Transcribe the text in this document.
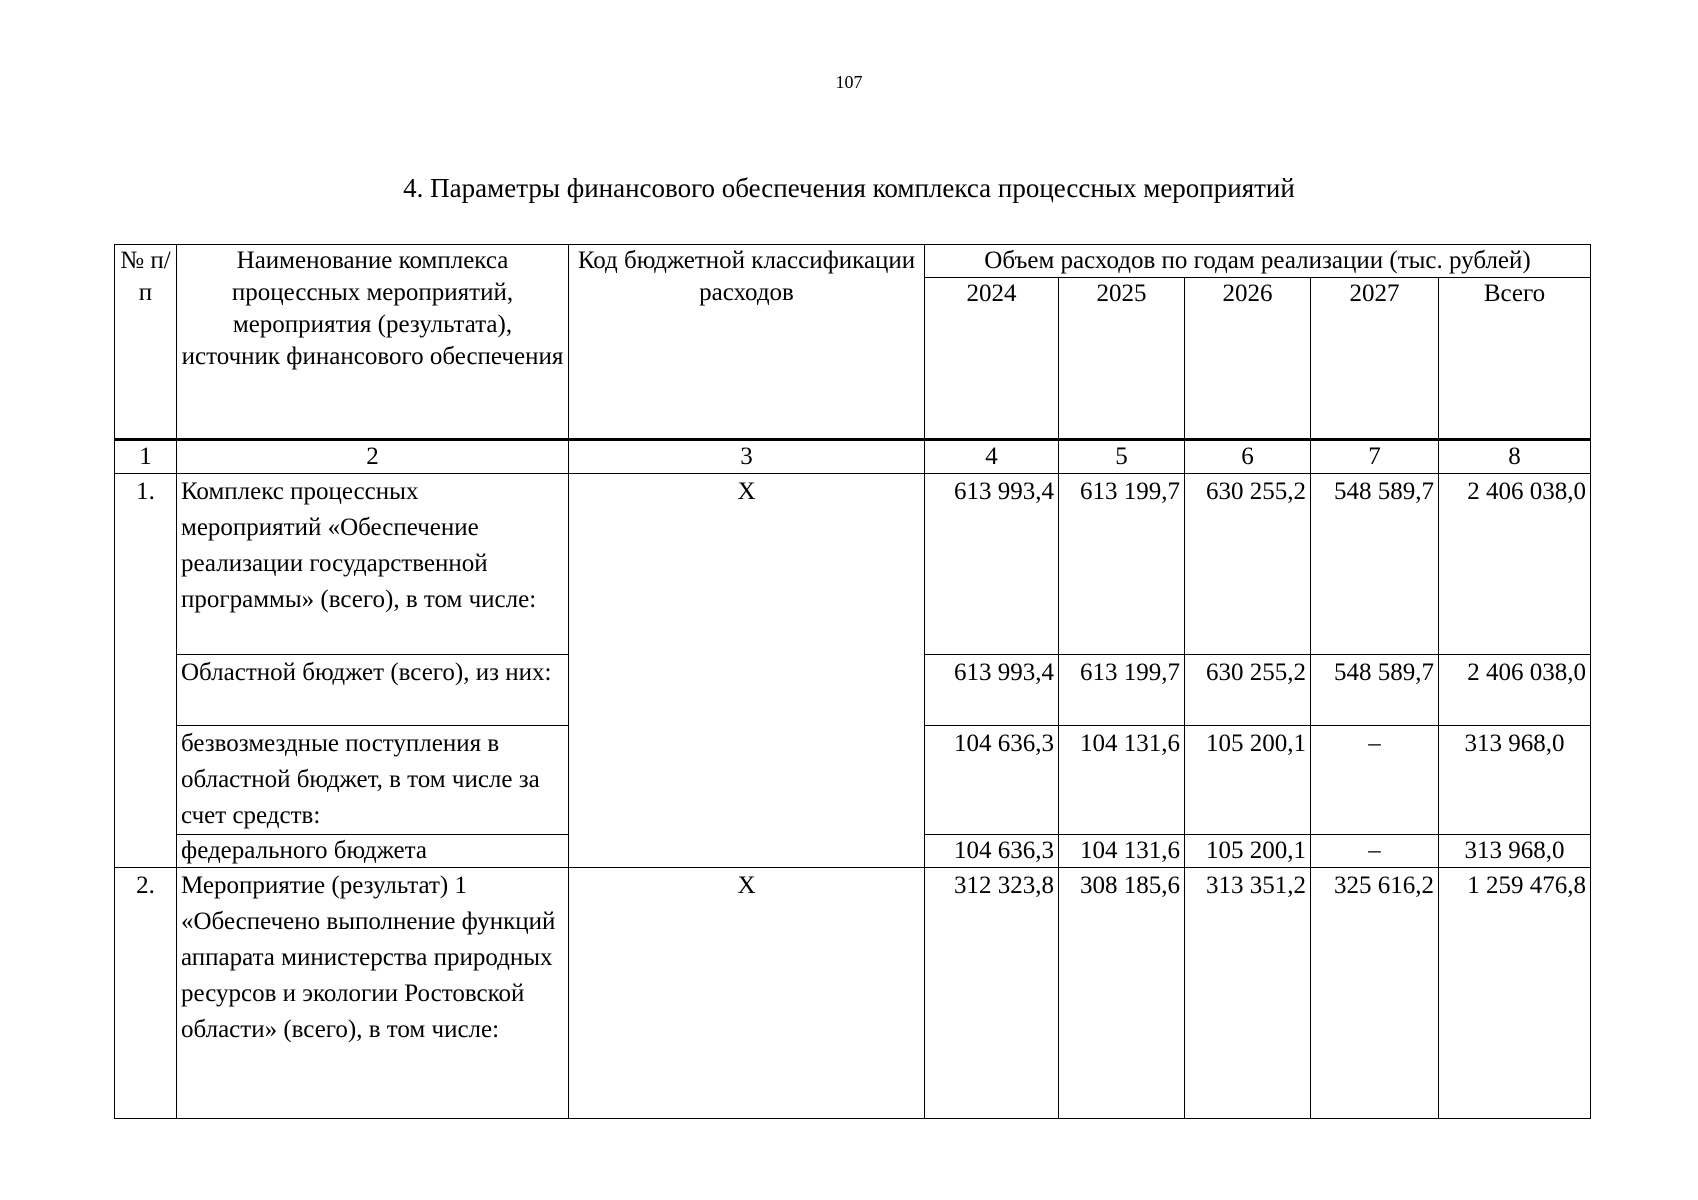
107
4. Параметры финансового обеспечения комплекса процессных мероприятий
№ п/п	Наименование комплекса процессных мероприятий, мероприятия (результата), источник финансового обеспечения	Код бюджетной классификации расходов	Объем расходов по годам реализации (тыс. рублей)				
			2024	2025	2026	2027	Всего
1	2	3	4	5	6	7	8
1.	Комплекс процессных мероприятий «Обеспечение реализации государственной программы» (всего), в том числе:	Х	613 993,4	613 199,7	630 255,2	548 589,7	2 406 038,0
	Областной бюджет (всего), из них:		613 993,4	613 199,7	630 255,2	548 589,7	2 406 038,0
	безвозмездные поступления в областной бюджет, в том числе за счет средств:		104 636,3	104 131,6	105 200,1	–	313 968,0
	федерального бюджета		104 636,3	104 131,6	105 200,1	–	313 968,0
2.	Мероприятие (результат) 1 «Обеспечено выполнение функций аппарата министерства природных ресурсов и экологии Ростовской области» (всего), в том числе:	Х	312 323,8	308 185,6	313 351,2	325 616,2	1 259 476,8
